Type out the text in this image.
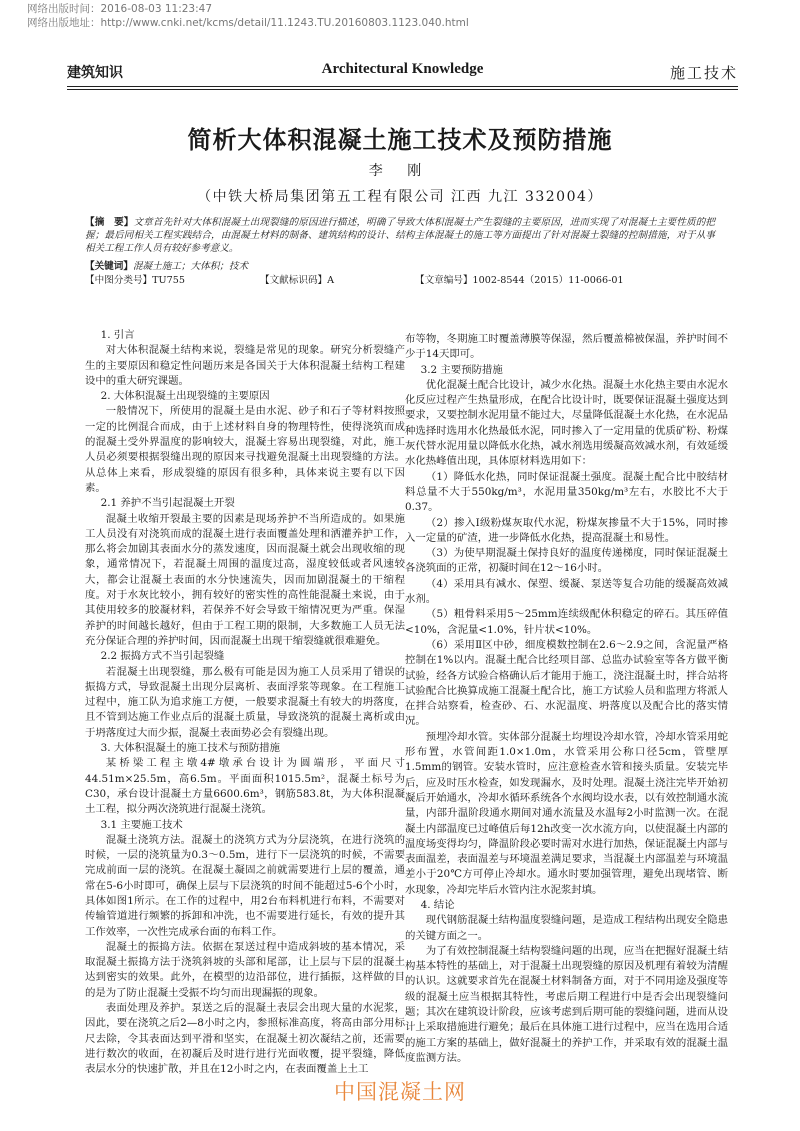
网络出版时间：2016-08-03 11:23:47
网络出版地址：http://www.cnki.net/kcms/detail/11.1243.TU.20160803.1123.040.html
建筑知识	Architectural Knowledge	施工技术
简析大体积混凝土施工技术及预防措施
李 刚
（中铁大桥局集团第五工程有限公司 江西 九江 332004）
【摘　要】文章首先针对大体积混凝土出现裂缝的原因进行描述，明确了导致大体积混凝土产生裂缝的主要原因，进而实现了对混凝土主要性质的把握；最后同相关工程实践结合，由混凝土材料的制备、建筑结构的设计、结构主体混凝土的施工等方面提出了针对混凝土裂缝的控制措施，对于从事相关工程工作人员有较好参考意义。
【关键词】混凝土施工；大体积；技术
【中图分类号】TU755	【文献标识码】A	【文章编号】1002-8544（2015）11-0066-01

1. 引言

对大体积混凝土结构来说，裂缝是常见的现象。研究分析裂缝产生的主要原因和稳定性问题历来是各国关于大体积混凝土结构工程建设中的重大研究课题。

2. 大体积混凝土出现裂缝的主要原因

一般情况下，所使用的混凝土是由水泥、砂子和石子等材料按照一定的比例混合而成，由于上述材料自身的物理特性，使得浇筑而成的混凝土受外界温度的影响较大，混凝土容易出现裂缝，对此，施工人员必须要根据裂缝出现的原因来寻找避免混凝土出现裂缝的方法。从总体上来看，形成裂缝的原因有很多种，具体来说主要有以下因素。

2.1 养护不当引起混凝土开裂

混凝土收缩开裂最主要的因素是现场养护不当所造成的。如果施工人员没有对浇筑而成的混凝土进行表面覆盖处理和洒灌养护工作，那么将会加剧其表面水分的蒸发速度，因而混凝土就会出现收缩的现象，通常情况下，若混凝土周围的温度过高，湿度较低或者风速较大，都会让混凝土表面的水分快速流失，因而加剧混凝土的干缩程度。对于水灰比较小，拥有较好的密实性的高性能混凝土来说，由于其使用较多的胶凝材料，若保养不好会导致干缩情况更为严重。保湿养护的时间越长越好，但由于工程工期的限制，大多数施工人员无法充分保证合理的养护时间，因而混凝土出现干缩裂缝就很难避免。

2.2 振捣方式不当引起裂缝

若混凝土出现裂缝，那么极有可能是因为施工人员采用了错误的振捣方式，导致混凝土出现分层离析、表面浮浆等现象。在工程施工过程中，施工队为追求施工方便，一般要求混凝土有较大的坍落度，且不管到达施工作业点后的混凝土质量，导致浇筑的混凝土离析或由于坍落度过大而少振，混凝土表面势必会有裂缝出现。

3. 大体积混凝土的施工技术与预防措施

某桥梁工程主墩4#墩承台设计为圆端形，平面尺寸44.51m×25.5m，高6.5m。平面面积1015.5m²，混凝土标号为C30，承台设计混凝土方量6600.6m³，钢筋583.8t，为大体积混凝土工程，拟分两次浇筑进行混凝土浇筑。

3.1 主要施工技术

混凝土浇筑方法。混凝土的浇筑方式为分层浇筑，在进行浇筑的时候，一层的浇筑量为0.3～0.5m，进行下一层浇筑的时候，不需要完成前面一层的浇筑。在混凝土凝固之前就需要进行上层的覆盖，通常在5-6小时即可，确保上层与下层浇筑的时间不能超过5-6个小时，具体如图1所示。在工作的过程中，用2台布料机进行布料，不需要对传输管道进行频繁的拆卸和冲洗，也不需要进行延长，有效的提升其工作效率，一次性完成承台面的布料工作。

混凝土的振捣方法。依据在泵送过程中造成斜坡的基本情况，采取混凝土振捣方法于浇筑斜坡的头部和尾部，让上层与下层的混凝土达到密实的效果。此外，在模型的边沿部位，进行插振，这样做的目的是为了防止混凝土受振不均匀而出现漏振的现象。

表面处理及养护。泵送之后的混凝土表层会出现大量的水泥浆，因此，要在浇筑之后2—8小时之内，参照标准高度，将高由部分用标尺去除，令其表面达到平滑和坚实，在混凝土初次凝结之前，还需要进行数次的收面，在初凝后及时进行进行光面收覆，提平裂缝，降低表层水分的快速扩散，并且在12小时之内，在表面覆盖上土工

布等物，冬期施工时覆盖薄膜等保湿，然后覆盖棉被保温，养护时间不少于14天即可。

3.2 主要预防措施

优化混凝土配合比设计，减少水化热。混凝土水化热主要由水泥水化反应过程产生热量形成，在配合比设计时，既要保证混凝土强度达到要求，又要控制水泥用量不能过大，尽量降低混凝土水化热，在水泥品种选择时选用水化热最低水泥，同时掺入了一定用量的优质矿粉、粉煤灰代替水泥用量以降低水化热，减水剂选用缓凝高效减水剂，有效延缓水化热峰值出现，具体原材料选用如下：

（1）降低水化热，同时保证混凝土强度。混凝土配合比中胶结材料总量不大于550kg/m³，水泥用量350kg/m³左右，水胶比不大于0.37。

（2）掺入Ⅰ级粉煤灰取代水泥，粉煤灰掺量不大于15%，同时掺入一定量的矿渣，进一步降低水化热，提高混凝土和易性。

（3）为使早期混凝土保持良好的温度传递梯度，同时保证混凝土各浇筑面的正常，初凝时间在12～16小时。

（4）采用具有减水、保塑、缓凝、泵送等复合功能的缓凝高效减水剂。

（5）粗骨料采用5～25mm连续级配休积稳定的碎石。其压碎值<10%，含泥量<1.0%，针片状<10%。

（6）采用Ⅱ区中砂，细度模数控制在2.6～2.9之间，含泥量严格控制在1%以内。混凝土配合比经项目部、总监办试验室等各方做平衡试验，经各方试验合格确认后才能用于施工，浇注混凝土时，拌合站将试验配合比换算成施工混凝土配合比，施工方试验人员和监理方将派人在拌合站察看，检查砂、石、水泥温度、坍落度以及配合比的落实情况。

预埋冷却水管。实体部分混凝土均埋设冷却水管，冷却水管采用蛇形布置，水管间距1.0×1.0m，水管采用公称口径5cm，管壁厚1.5mm的钢管。安装水管时，应注意检查水管和接头质量。安装完毕后，应及时压水检查，如发现漏水，及时处理。混凝土浇注完毕开始初凝后开始通水，冷却水循环系统各个水阀均设水表，以有效控制通水流量，内部升温阶段通水期间对通水流量及水温每2小时监测一次。在混凝土内部温度已过峰值后每12h改变一次水流方向，以使混凝土内部的温度场变得均匀，降温阶段必要时需对水进行加热，保证混凝土内部与表面温差，表面温差与环境温差满足要求，当混凝土内部温差与环境温差小于20℃方可停止冷却水。通水时要加强管理，避免出现堵管、断水现象，冷却完毕后水管内注水泥浆封填。

4. 结论

现代钢筋混凝土结构温度裂缝问题，是造成工程结构出现安全隐患的关键方面之一。

为了有效控制混凝土结构裂缝问题的出现，应当在把握好混凝土结构基本特性的基础上，对于混凝土出现裂缝的原因及机理有着较为清醒的认识。这就要求首先在混凝土材料制备方面，对于不同用途及强度等级的混凝土应当根据其特性，考虑后期工程进行中是否会出现裂缝问题；其次在建筑设计阶段，应该考虑到后期可能的裂缝问题，进而从设计上采取措施进行避免；最后在具体施工进行过程中，应当在选用合适的施工方案的基础上，做好混凝土的养护工作，并采取有效的混凝土温度监测方法。

中国混凝土网
